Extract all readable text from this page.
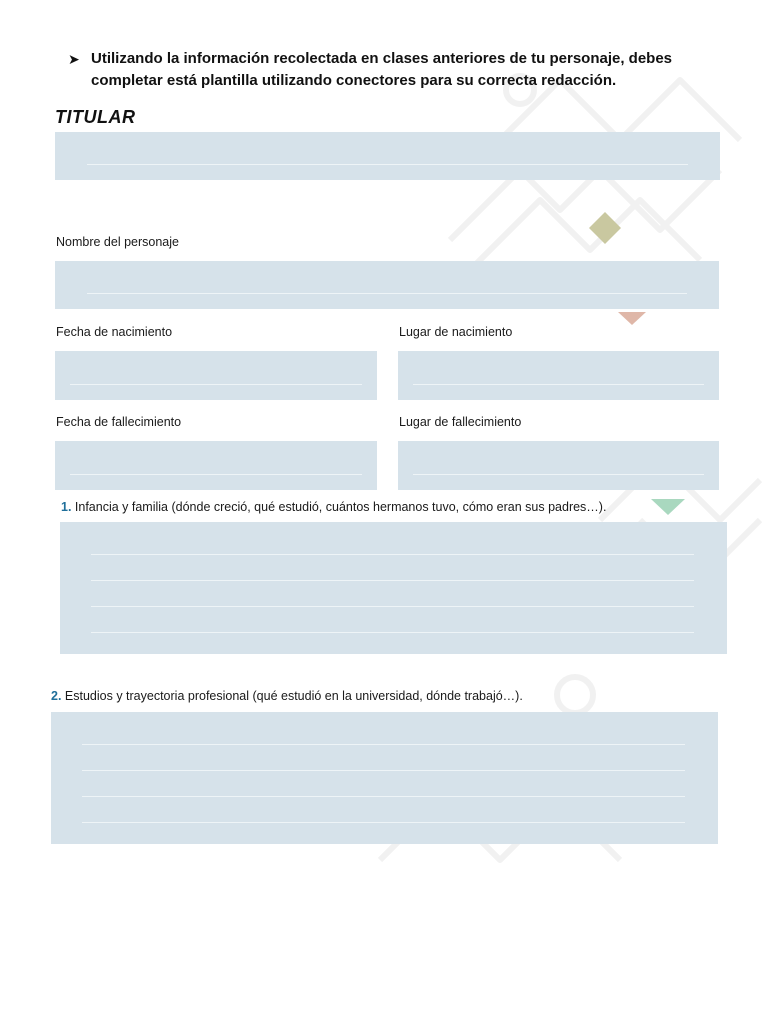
➤ Utilizando la información recolectada en clases anteriores de tu personaje, debes completar está plantilla utilizando conectores para su correcta redacción.
TITULAR
Nombre del personaje
Fecha de nacimiento	Lugar de nacimiento
Fecha de fallecimiento	Lugar de fallecimiento
1. Infancia y familia (dónde creció, qué estudió, cuántos hermanos tuvo, cómo eran sus padres…).
2. Estudios y trayectoria profesional (qué estudió en la universidad, dónde trabajó…).
